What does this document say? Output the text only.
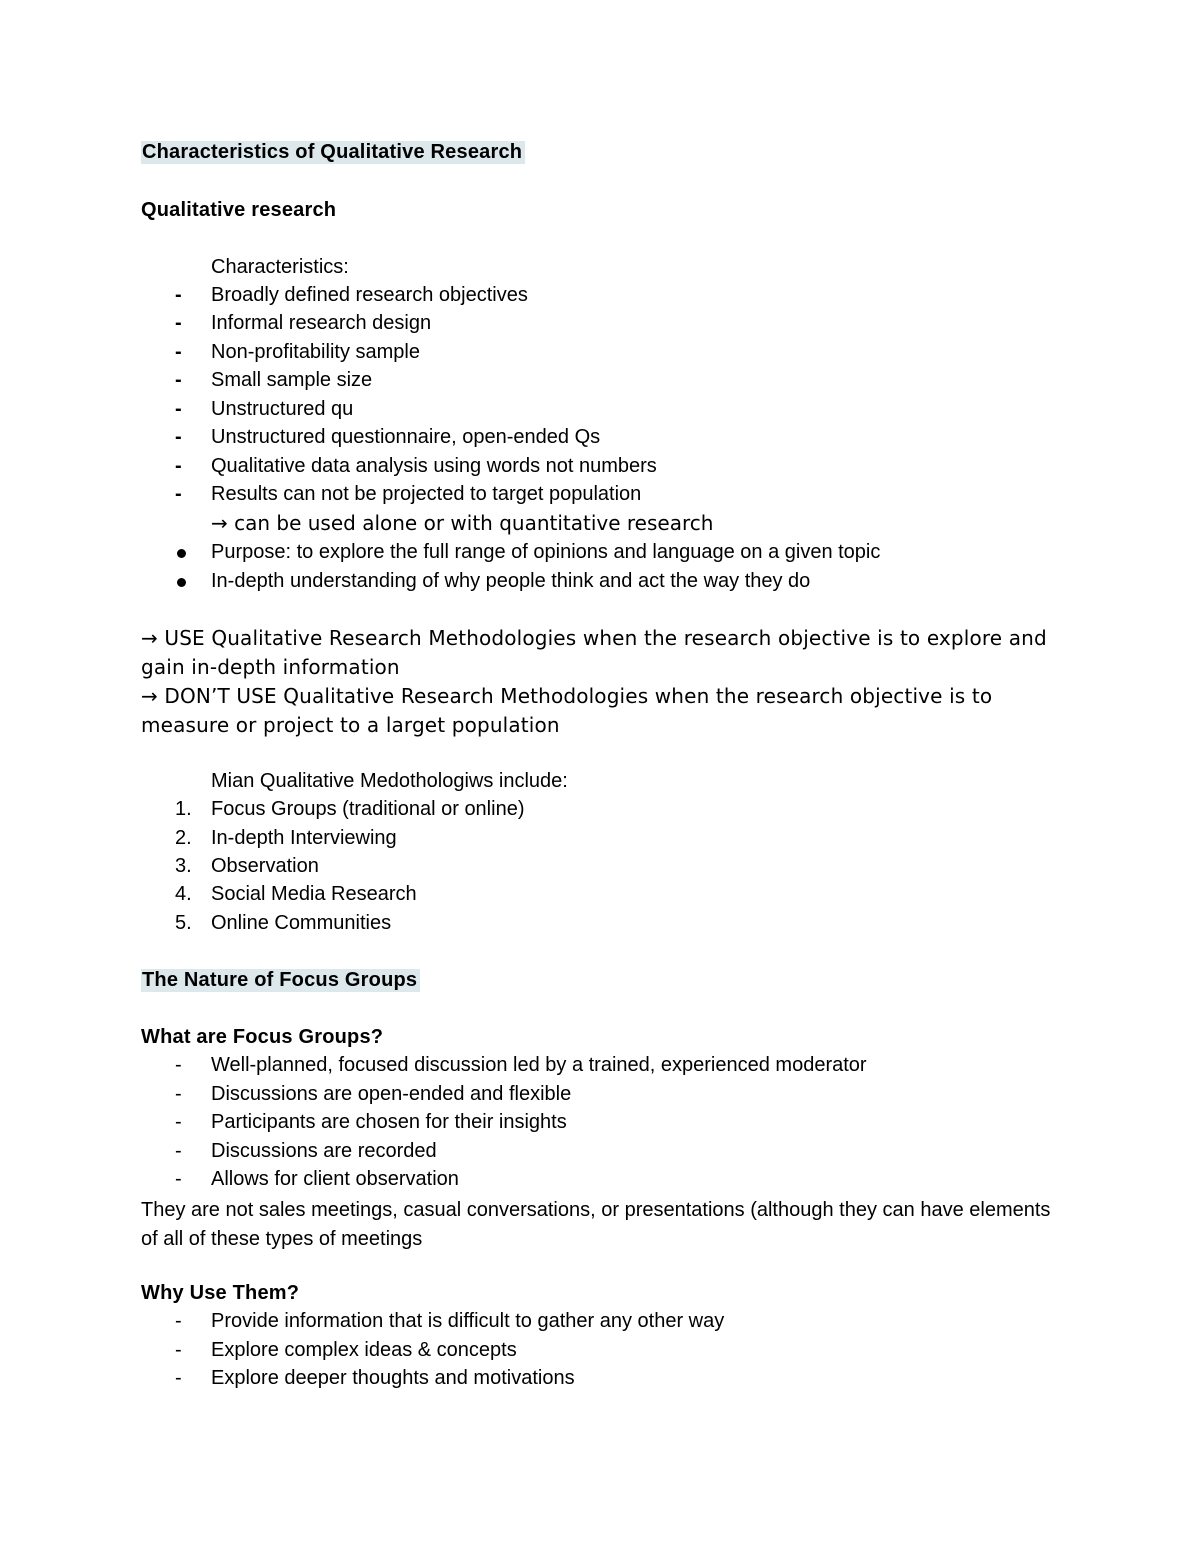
Characteristics of Qualitative Research
Qualitative research
Characteristics:
- Broadly defined research objectives
- Informal research design
- Non-profitability sample
- Small sample size
- Unstructured qu
- Unstructured questionnaire, open-ended Qs
- Qualitative data analysis using words not numbers
- Results can not be projected to target population
→ can be used alone or with quantitative research
Purpose: to explore the full range of opinions and language on a given topic
In-depth understanding of why people think and act the way they do
→ USE Qualitative Research Methodologies when the research objective is to explore and gain in-depth information
→ DON’T USE Qualitative Research Methodologies when the research objective is to measure or project to a larget population
Mian Qualitative Medothologiws include:
1. Focus Groups (traditional or online)
2. In-depth Interviewing
3. Observation
4. Social Media Research
5. Online Communities
The Nature of Focus Groups
What are Focus Groups?
- Well-planned, focused discussion led by a trained, experienced moderator
- Discussions are open-ended and flexible
- Participants are chosen for their insights
- Discussions are recorded
- Allows for client observation
They are not sales meetings, casual conversations, or presentations (although they can have elements of all of these types of meetings
Why Use Them?
- Provide information that is difficult to gather any other way
- Explore complex ideas & concepts
- Explore deeper thoughts and motivations
